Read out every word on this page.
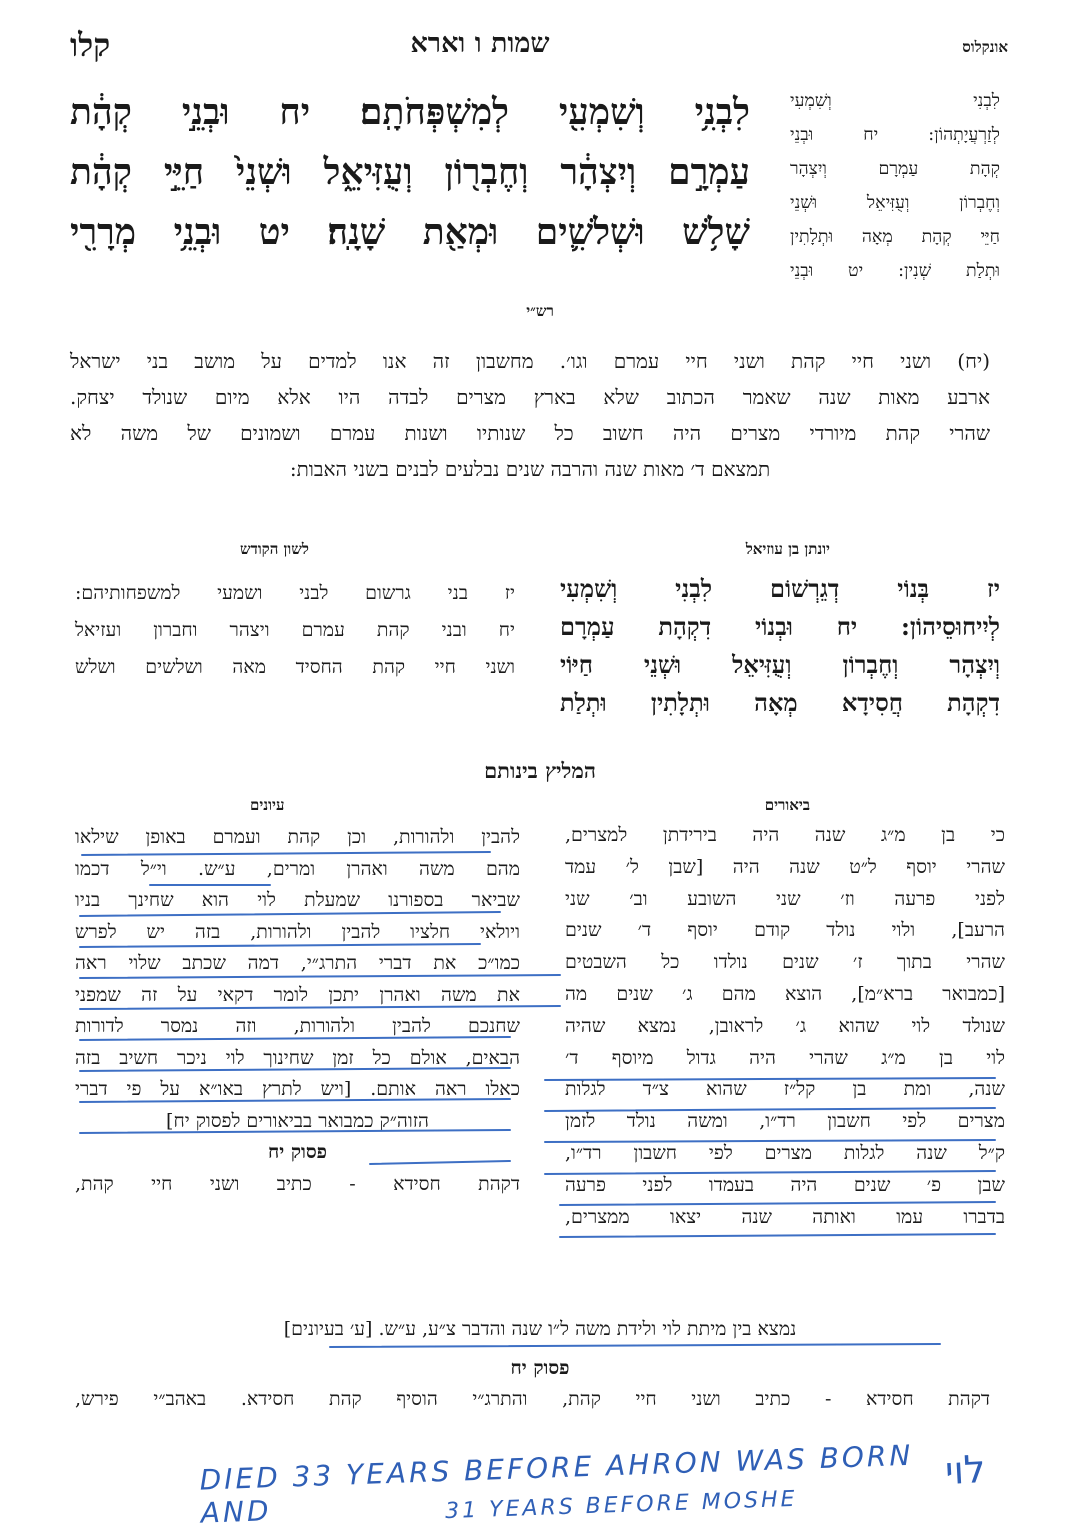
אונקלוס
שמות ו וארא
קלו
לִבְנִ֥י וְשִׁמְעִ֖י לְמִשְׁפְּחֹתָֽם׃ יח וּבְנֵ֣י קְהָ֔ת
עַמְרָ֣ם וְיִצְהָ֔ר וְחֶבְר֖וֹן וְעֻזִּיאֵ֑ל וּשְׁנֵי֙ חַיֵּ֣י קְהָ֔ת
שָׁלֹ֥שׁ וּשְׁלֹשִׁ֛ים וּמְאַ֖ת שָׁנָֽה׃ יט וּבְנֵ֥י מְרָרִ֖י
לִבְנִי וְשִׁמְעִי
לְזַרְעֲיָתְהוֹן: יח וּבְנֵי
קְהָת עַמְרָם וְיִצְהָר
וְחֶבְרוֹן וְעֻזִּיאֵל וּשְׁנֵי
חַיֵּי קְהָת מְאָה וּתְלָתִין
וּתְלַת שְׁנִין: יט וּבְנֵי
רש״י
(יח) ושני חיי קהת ושני חיי עמרם וגו׳. מחשבון זה אנו למדים על מושב בני ישראל
ארבע מאות שנה שאמר הכתוב שלא בארץ מצרים לבדה היו אלא מיום שנולד יצחק.
שהרי קהת מיורדי מצרים היה חשוב כל שנותיו ושנות עמרם ושמונים של משה לא
תמצאם ד׳ מאות שנה והרבה שנים נבלעים לבנים בשני האבות:
יונתן בן עוזיאל
לשון הקודש
יז בְּנוֹי דְגֵרְשׁוֹם לִבְנִי וְשִׁמְעִי
לְיִיחוּסֵיהוֹן: יח וּבְנוֹי דִקְהָת עַמְרָם
וְיִצְהָר וְחֶבְרוֹן וְעֻזִּיאֵל וּשְׁנֵי חַיּוֹי
דִקְהָת חֲסִידָא מְאָה וּתְלָתִין וּתְלַת
יז בני גרשום לבני ושמעי למשפחותיהם:
יח ובני קהת עמרם ויצהר וחברון ועזיאל
ושני חיי קהת החסיד מאה ושלשים ושלש
המליץ בינותם
ביאורים
עיונים
כי בן מ״ג שנה היה בירידתן למצרים,
שהרי יוסף ל״ט שנה היה [שבן ל׳ עמד
לפני פרעה וז׳ שני השובע וב׳ שני
הרעב], ולוי נולד קודם יוסף ד׳ שנים
שהרי בתוך ז׳ שנים נולדו כל השבטים
[כמבואר ברא״מ], הוצא מהם ג׳ שנים מה
שנולד לוי שהוא ג׳ לראובן, נמצא שהיה
לוי בן מ״ג שהרי היה גדול מיוסף ד׳
שנה, ומת בן קל״ז שהוא צ״ד לגלות
מצרים לפי חשבון רד״ו, ומשה נולד לזמן
ק״ל שנה לגלות מצרים לפי חשבון רד״ו,
שבן פ׳ שנים היה בעמדו לפני פרעה
בדברו עמו ואותה שנה יצאו ממצרים,
להבין ולהורות, וכן קהת ועמרם באופן שילאו
מהם משה ואהרן ומרים, ע״ש. וי״ל דכמו
שביאר בספורנו שמעלת לוי הוא שחינך בניו
ויולאי חלציו להבין ולהורות, בזה יש לפרש
כמו״כ את דברי התרג״י, דמה שכתב שלוי ראה
את משה ואהרן יתכן לומר דקאי על זה שמפני
שחנכם להבין ולהורות, וזה נמסר לדורות
הבאים, אולם כל זמן שחינוך לוי ניכר חשיב בזה
כאלו ראה אותם. [ויש לתרץ באו״א על פי דברי
הזוה״ק כמבואר בביאורים לפסוק יח]
פסוק יח
דקהת חסידא - כתיב ושני חיי קהת,
נמצא בין מיתת לוי ולידת משה ל״ו שנה והדבר צ״ע, ע״ש. [ע׳ בעיונים]
פסוק יח
דקהת חסידא - כתיב ושני חיי קהת, והתרג״י הוסיף קהת חסידא. באהב״י פירש,
לוי
DIED 33 YEARS BEFORE AHRON WAS BORN AND	31 YEARS BEFORE MOSHE
